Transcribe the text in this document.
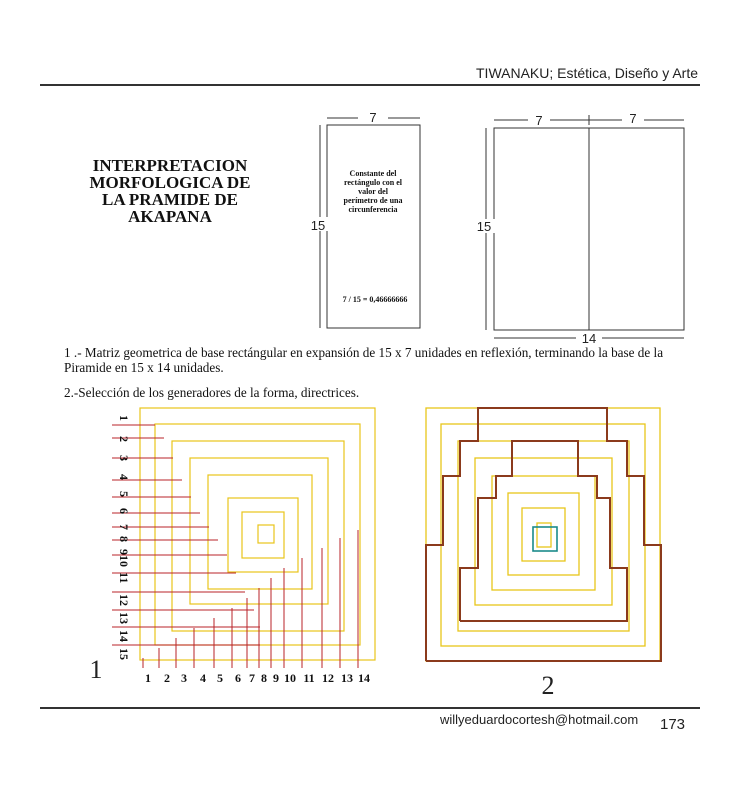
TIWANAKU; Estética, Diseño y Arte
INTERPRETACION
MORFOLOGICA DE
LA PRAMIDE DE
AKAPANA
7
15
Constante del
rectángulo con el
valor del
perímetro de una
circunferencia
7 / 15 = 0,46666666
7	7
15
14
1
2
3
4
5
6
7
8
910
11
12
13
14
15
1 2 3 4 5 6 7 8 9 10 11 12 13 14
1
2
1 .- Matriz geometrica de base rectángular en expansión de 15 x 7 unidades en reflexión, terminando la base de la Piramide en 15 x 14 unidades.
2.-Selección de los generadores de la forma, directrices.
willyeduardocortesh@hotmail.com 173
